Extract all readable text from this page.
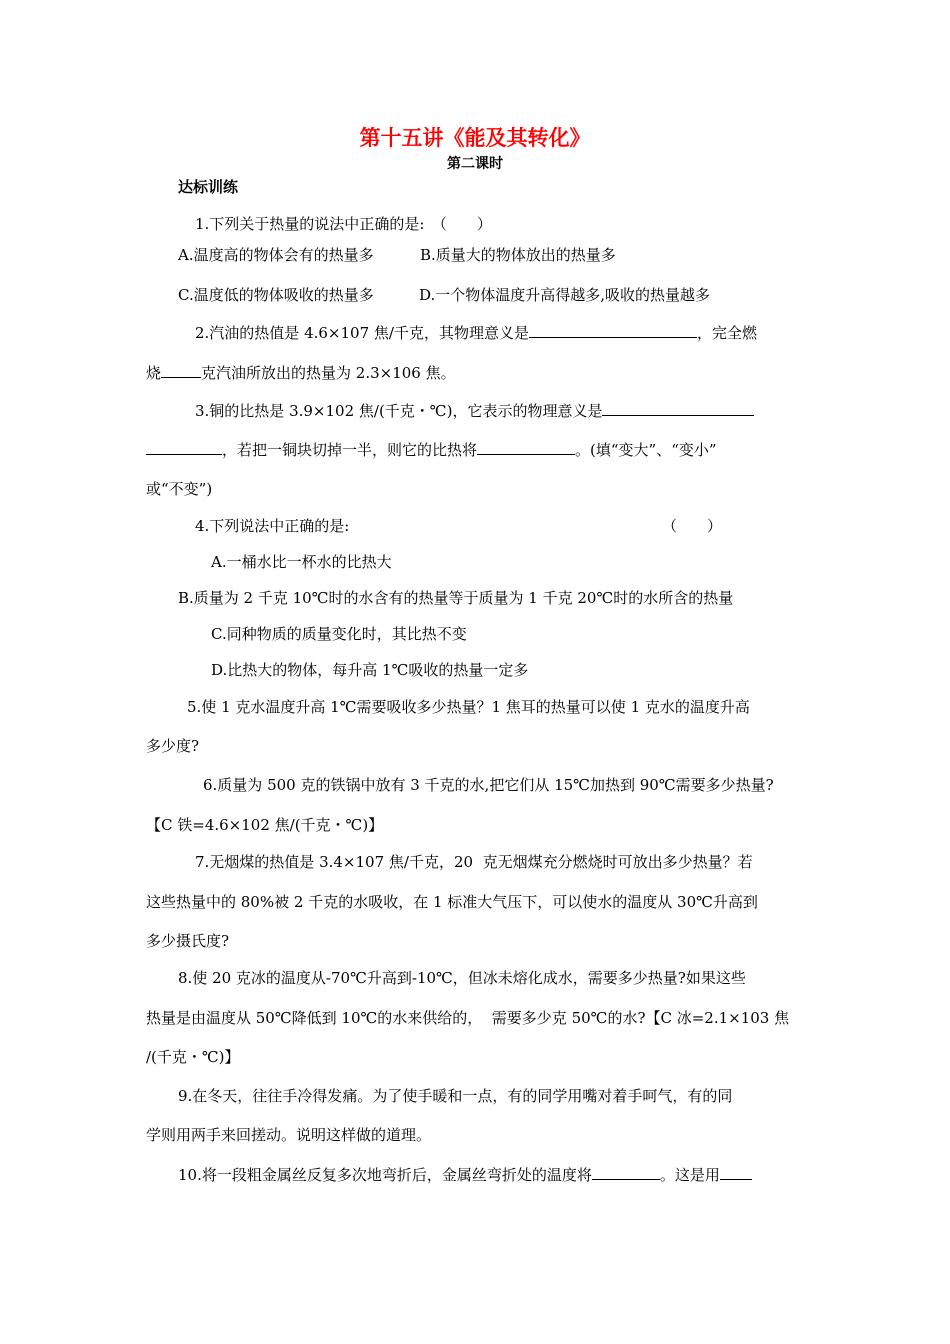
第十五讲《能及其转化》
第二课时
达标训练
1.下列关于热量的说法中正确的是:　（　　）
A.温度高的物体会有的热量多	B.质量大的物体放出的热量多
C.温度低的物体吸收的热量多	D.一个物体温度升高得越多,吸收的热量越多
2.汽油的热值是 4.6×107 焦/千克，其物理意义是	，完全燃
烧	克汽油所放出的热量为 2.3×106 焦。
3.铜的比热是 3.9×102 焦/(千克・℃)，它表示的物理意义是
，若把一铜块切掉一半，则它的比热将	。(填“变大”、“变小”
或“不变”)
4.下列说法中正确的是:	（　　）
A.一桶水比一杯水的比热大
B.质量为 2 千克 10℃时的水含有的热量等于质量为 1 千克 20℃时的水所含的热量
C.同种物质的质量变化时，其比热不变
D.比热大的物体，每升高 1℃吸收的热量一定多
5.使 1 克水温度升高 1℃需要吸收多少热量？1 焦耳的热量可以使 1 克水的温度升高
多少度?
6.质量为 500 克的铁锅中放有 3 千克的水,把它们从 15℃加热到 90℃需要多少热量?
【C 铁=4.6×102 焦/(千克・℃)】
7.无烟煤的热值是 3.4×107 焦/千克，20  克无烟煤充分燃烧时可放出多少热量？若
这些热量中的 80%被 2 千克的水吸收，在 1 标准大气压下，可以使水的温度从 30℃升高到
多少摄氏度?
8.使 20 克冰的温度从-70℃升高到-10℃，但冰未熔化成水，需要多少热量?如果这些
热量是由温度从 50℃降低到 10℃的水来供给的，  需要多少克 50℃的水?【C 冰=2.1×103 焦
/(千克・℃)】
9.在冬天，往往手冷得发痛。为了使手暖和一点，有的同学用嘴对着手呵气，有的同
学则用两手来回搓动。说明这样做的道理。
10.将一段粗金属丝反复多次地弯折后，金属丝弯折处的温度将	。这是用
